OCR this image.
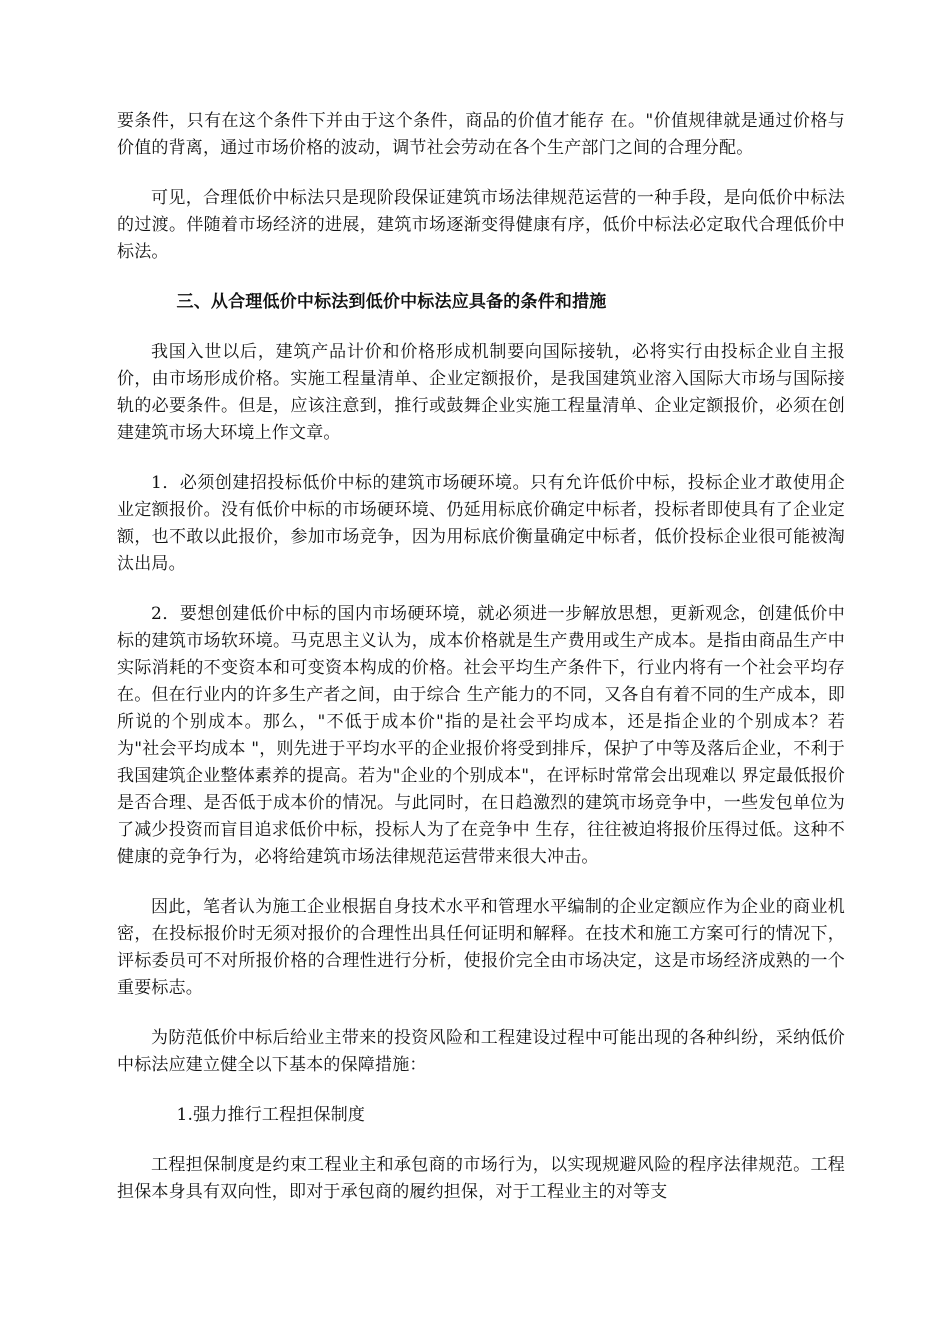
要条件，只有在这个条件下并由于这个条件，商品的价值才能存 在。"价值规律就是通过价格与价值的背离，通过市场价格的波动，调节社会劳动在各个生产部门之间的合理分配。

可见，合理低价中标法只是现阶段保证建筑市场法律规范运营的一种手段，是向低价中标法的过渡。伴随着市场经济的进展，建筑市场逐渐变得健康有序，低价中标法必定取代合理低价中标法。

三、从合理低价中标法到低价中标法应具备的条件和措施

我国入世以后，建筑产品计价和价格形成机制要向国际接轨，必将实行由投标企业自主报价，由市场形成价格。实施工程量清单、企业定额报价，是我国建筑业溶入国际大市场与国际接轨的必要条件。但是，应该注意到，推行或鼓舞企业实施工程量清单、企业定额报价，必须在创建建筑市场大环境上作文章。

1．必须创建招投标低价中标的建筑市场硬环境。只有允许低价中标，投标企业才敢使用企业定额报价。没有低价中标的市场硬环境、仍延用标底价确定中标者，投标者即使具有了企业定额，也不敢以此报价，参加市场竞争，因为用标底价衡量确定中标者，低价投标企业很可能被淘汰出局。

2．要想创建低价中标的国内市场硬环境，就必须进一步解放思想，更新观念，创建低价中标的建筑市场软环境。马克思主义认为，成本价格就是生产费用或生产成本。是指由商品生产中实际消耗的不变资本和可变资本构成的价格。社会平均生产条件下，行业内将有一个社会平均存在。但在行业内的许多生产者之间，由于综合 生产能力的不同，又各自有着不同的生产成本，即所说的个别成本。那么，"不低于成本价"指的是社会平均成本，还是指企业的个别成本？若为"社会平均成本 "，则先进于平均水平的企业报价将受到排斥，保护了中等及落后企业，不利于我国建筑企业整体素养的提高。若为"企业的个别成本"，在评标时常常会出现难以 界定最低报价是否合理、是否低于成本价的情况。与此同时，在日趋激烈的建筑市场竞争中，一些发包单位为了减少投资而盲目追求低价中标，投标人为了在竞争中 生存，往往被迫将报价压得过低。这种不健康的竞争行为，必将给建筑市场法律规范运营带来很大冲击。

因此，笔者认为施工企业根据自身技术水平和管理水平编制的企业定额应作为企业的商业机密，在投标报价时无须对报价的合理性出具任何证明和解释。在技术和施工方案可行的情况下，评标委员可不对所报价格的合理性进行分析，使报价完全由市场决定，这是市场经济成熟的一个重要标志。

为防范低价中标后给业主带来的投资风险和工程建设过程中可能出现的各种纠纷，采纳低价中标法应建立健全以下基本的保障措施：

1.强力推行工程担保制度

工程担保制度是约束工程业主和承包商的市场行为，以实现规避风险的程序法律规范。工程担保本身具有双向性，即对于承包商的履约担保，对于工程业主的对等支
